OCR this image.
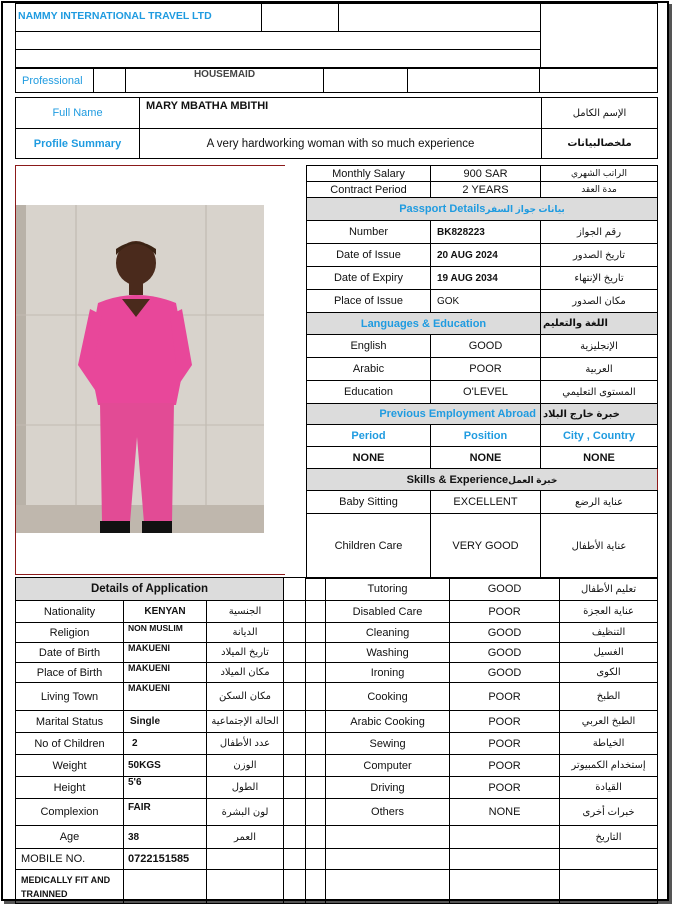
NAMMY INTERNATIONAL TRAVEL LTD			

Professional		HOUSEMAID			
Full Name	MARY MBATHA MBITHI	الإسم الكامل
Profile Summary	A very hardworking woman with so much experience	ملخصالبيانات
Monthly Salary	900 SAR	الراتب الشهري
Contract Period	2 YEARS	مدة العقد
Passport Detailsبيانات جواز السفر		
Number	BK828223	رقم الجواز
Date of Issue	20 AUG 2024	تاريخ الصدور
Date of Expiry	19 AUG 2034	تاريخ الإنتهاء
Place of Issue	GOK	مكان الصدور
Languages & Education		اللغة والتعليم
English	GOOD	الإنجليزية
Arabic	POOR	العربية
Education	O'LEVEL	المستوى التعليمي
Previous Employment Abroad		خبرة خارج البلاد
Period	Position	City , Country
NONE	NONE	NONE
Skills & Experienceخبرة العمل		
Baby Sitting	EXCELLENT	عناية الرضع
Children Care	VERY GOOD	عناية الأطفال
Details of Application					Tutoring	GOOD	تعليم الأطفال
Nationality	KENYAN	الجنسية			Disabled Care	POOR	عناية العجزة
Religion	NON MUSLIM	الديانة			Cleaning	GOOD	التنظيف
Date of Birth	MAKUENI	تاريخ الميلاد			Washing	GOOD	الغسيل
Place of Birth	MAKUENI	مكان الميلاد			Ironing	GOOD	الكوى
Living Town	MAKUENI	مكان السكن			Cooking	POOR	الطبخ
Marital Status	Single	الحالة الإجتماعية			Arabic Cooking	POOR	الطبخ العربي
No of Children	2	عدد الأطفال			Sewing	POOR	الخياطة
Weight	50KGS	الوزن			Computer	POOR	إستخدام الكمبيوتر
Height	5'6	الطول			Driving	POOR	القيادة
Complexion	FAIR	لون البشرة			Others	NONE	خبرات أخرى
Age	38	العمر					التاريخ
MOBILE NO.	0722151585						

MEDICALLY FIT AND
TRAINNED							
